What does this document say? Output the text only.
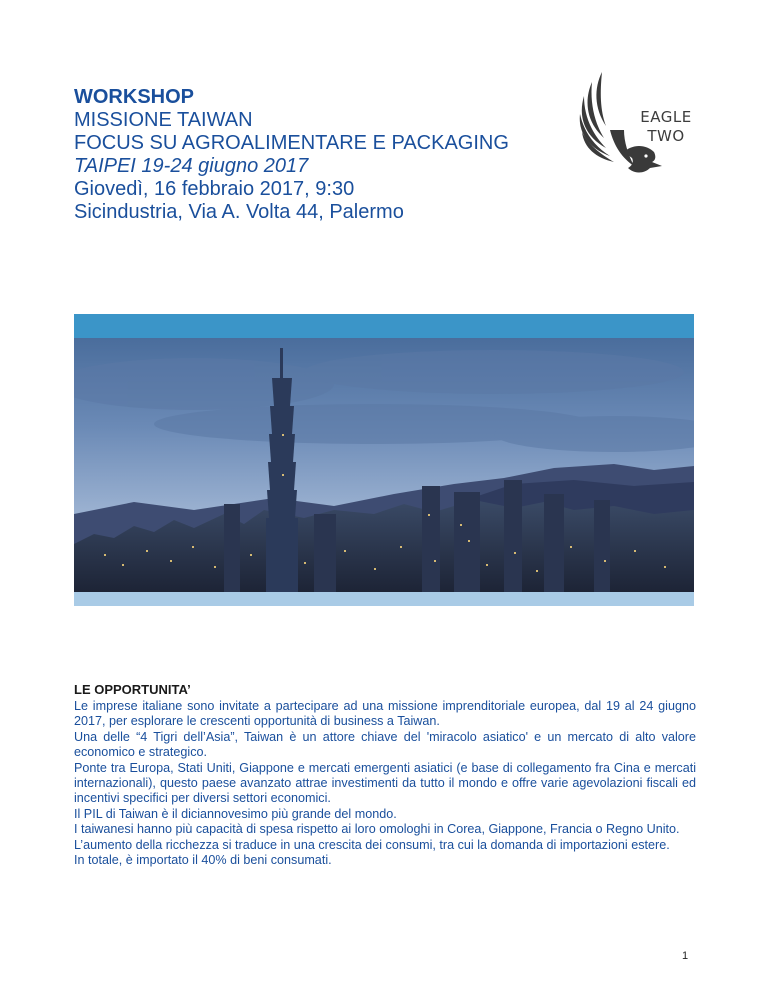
WORKSHOP
MISSIONE TAIWAN
FOCUS SU AGROALIMENTARE E PACKAGING
TAIPEI 19-24 giugno 2017
Giovedì, 16 febbraio 2017, 9:30
Sicindustria, Via A. Volta 44, Palermo
EAGLE
TWO
LE OPPORTUNITA’

Le imprese italiane sono invitate a partecipare ad una missione imprenditoriale europea, dal 19 al 24 giugno 2017, per esplorare le crescenti opportunità di business a Taiwan.

Una delle “4 Tigri dell’Asia”, Taiwan è un attore chiave del 'miracolo asiatico' e un mercato di alto valore economico e strategico.

Ponte tra Europa, Stati Uniti, Giappone e mercati emergenti asiatici (e base di collegamento fra Cina e mercati internazionali), questo paese avanzato attrae investimenti da tutto il mondo e offre varie agevolazioni fiscali ed incentivi specifici per diversi settori economici.

Il PIL di Taiwan è il diciannovesimo più grande del mondo.

I taiwanesi hanno più capacità di spesa rispetto ai loro omologhi in Corea, Giappone, Francia o Regno Unito.

L’aumento della ricchezza si traduce in una crescita dei consumi, tra cui la domanda di importazioni estere.

In totale, è importato il 40% di beni consumati.

1
